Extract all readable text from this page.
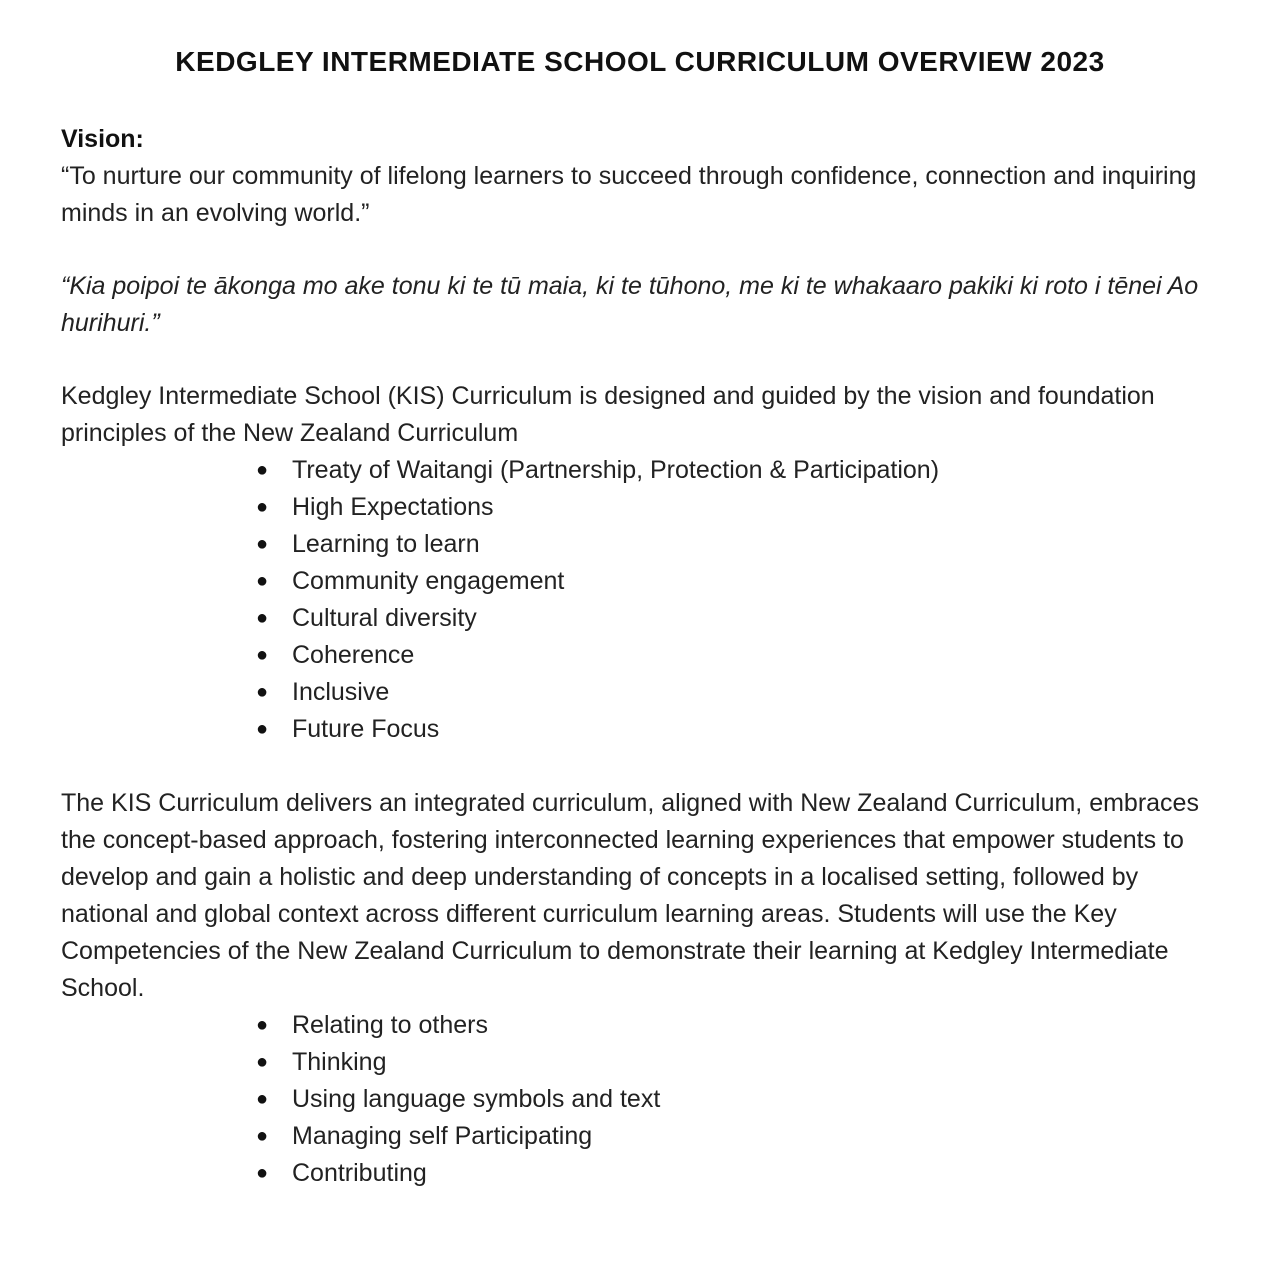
KEDGLEY INTERMEDIATE SCHOOL CURRICULUM OVERVIEW 2023

Vision:

“To nurture our community of lifelong learners to succeed through confidence, connection and inquiring minds in an evolving world.”

“Kia poipoi te ākonga mo ake tonu ki te tū maia, ki te tūhono, me ki te whakaaro pakiki ki roto i tēnei Ao hurihuri.”

Kedgley Intermediate School (KIS) Curriculum is designed and guided by the vision and foundation principles of the New Zealand Curriculum

● Treaty of Waitangi (Partnership, Protection & Participation)
● High Expectations
● Learning to learn
● Community engagement
● Cultural diversity
● Coherence
● Inclusive
● Future Focus

The KIS Curriculum delivers an integrated curriculum, aligned with New Zealand Curriculum, embraces the concept-based approach, fostering interconnected learning experiences that empower students to develop and gain a holistic and deep understanding of concepts in a localised setting, followed by national and global context across different curriculum learning areas. Students will use the Key Competencies of the New Zealand Curriculum to demonstrate their learning at Kedgley Intermediate School.

● Relating to others
● Thinking
● Using language symbols and text
● Managing self Participating
● Contributing
